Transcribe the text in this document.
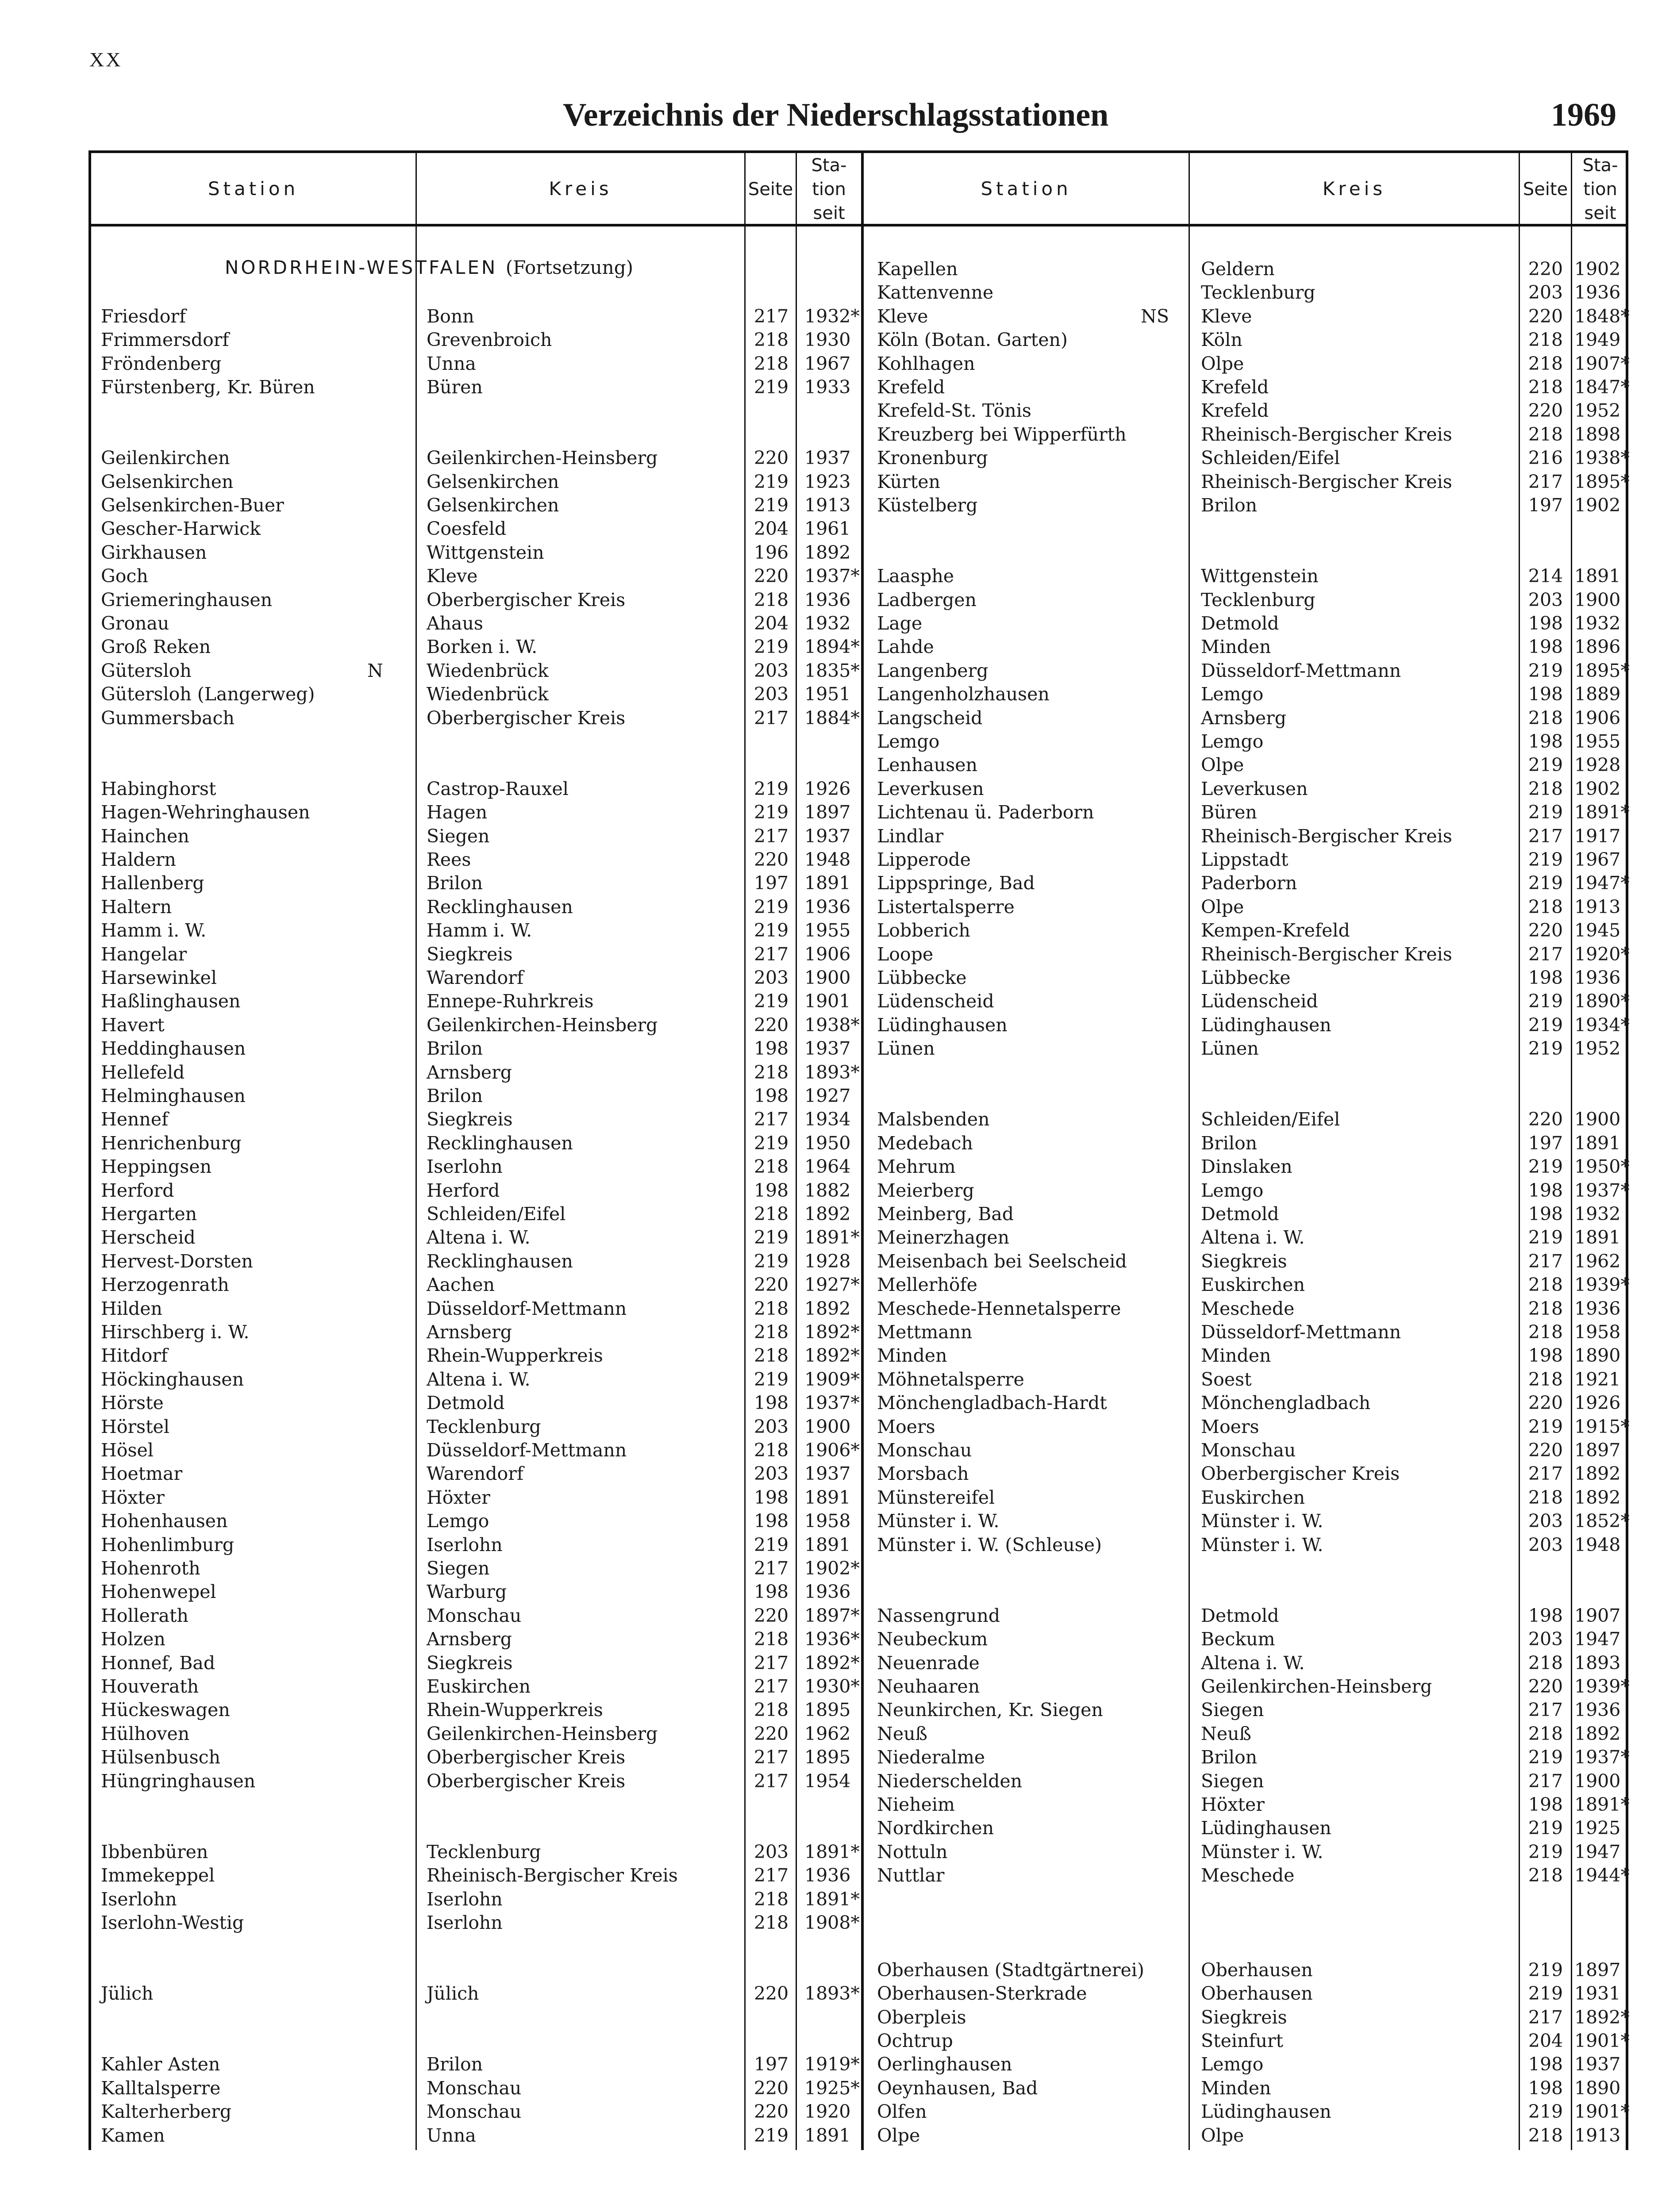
XX
Verzeichnis der Niederschlagsstationen	1969
Station	Kreis	Seite
Sta-
tion
seit
Station	Kreis	Seite
Sta-
tion
seit
NORDRHEIN-WESTFALEN (Fortsetzung)
Friesdorf	Bonn	217 1932*
Frimmersdorf	Grevenbroich	218 1930
Fröndenberg	Unna	218 1967
Fürstenberg, Kr. Büren	Büren	219 1933
Geilenkirchen	Geilenkirchen-Heinsberg	220 1937
Gelsenkirchen	Gelsenkirchen	219 1923
Gelsenkirchen-Buer	Gelsenkirchen	219 1913
Gescher-Harwick	Coesfeld	204 1961
Girkhausen	Wittgenstein	196 1892
Goch	Kleve	220 1937*
Griemeringhausen	Oberbergischer Kreis	218 1936
Gronau	Ahaus	204 1932
Groß Reken	Borken i. W.	219 1894*
Gütersloh	N Wiedenbrück	203 1835*
Gütersloh (Langerweg)	Wiedenbrück	203 1951
Gummersbach	Oberbergischer Kreis	217 1884*
Habinghorst	Castrop-Rauxel	219 1926
Hagen-Wehringhausen	Hagen	219 1897
Hainchen	Siegen	217 1937
Haldern	Rees	220 1948
Hallenberg	Brilon	197 1891
Haltern	Recklinghausen	219 1936
Hamm i. W.	Hamm i. W.	219 1955
Hangelar	Siegkreis	217 1906
Harsewinkel	Warendorf	203 1900
Haßlinghausen	Ennepe-Ruhrkreis	219 1901
Havert	Geilenkirchen-Heinsberg	220 1938*
Heddinghausen	Brilon	198 1937
Hellefeld	Arnsberg	218 1893*
Helminghausen	Brilon	198 1927
Hennef	Siegkreis	217 1934
Henrichenburg	Recklinghausen	219 1950
Heppingsen	Iserlohn	218 1964
Herford	Herford	198 1882
Hergarten	Schleiden/Eifel	218 1892
Herscheid	Altena i. W.	219 1891*
Hervest-Dorsten	Recklinghausen	219 1928
Herzogenrath	Aachen	220 1927*
Hilden	Düsseldorf-Mettmann	218 1892
Hirschberg i. W.	Arnsberg	218 1892*
Hitdorf	Rhein-Wupperkreis	218 1892*
Höckinghausen	Altena i. W.	219 1909*
Hörste	Detmold	198 1937*
Hörstel	Tecklenburg	203 1900
Hösel	Düsseldorf-Mettmann	218 1906*
Hoetmar	Warendorf	203 1937
Höxter	Höxter	198 1891
Hohenhausen	Lemgo	198 1958
Hohenlimburg	Iserlohn	219 1891
Hohenroth	Siegen	217 1902*
Hohenwepel	Warburg	198 1936
Hollerath	Monschau	220 1897*
Holzen	Arnsberg	218 1936*
Honnef, Bad	Siegkreis	217 1892*
Houverath	Euskirchen	217 1930*
Hückeswagen	Rhein-Wupperkreis	218 1895
Hülhoven	Geilenkirchen-Heinsberg	220 1962
Hülsenbusch	Oberbergischer Kreis	217 1895
Hüngringhausen	Oberbergischer Kreis	217 1954
Ibbenbüren	Tecklenburg	203 1891*
Immekeppel	Rheinisch-Bergischer Kreis	217 1936
Iserlohn	Iserlohn	218 1891*
Iserlohn-Westig	Iserlohn	218 1908*
Jülich	Jülich	220 1893*
Kahler Asten	Brilon	197 1919*
Kalltalsperre	Monschau	220 1925*
Kalterherberg	Monschau	220 1920
Kamen	Unna	219 1891
Kapellen	Geldern	220 1902
Kattenvenne	Tecklenburg	203 1936
Kleve	NS Kleve	220 1848*
Köln (Botan. Garten)	Köln	218 1949
Kohlhagen	Olpe	218 1907*
Krefeld	Krefeld	218 1847*
Krefeld-St. Tönis	Krefeld	220 1952
Kreuzberg bei Wipperfürth	Rheinisch-Bergischer Kreis	218 1898
Kronenburg	Schleiden/Eifel	216 1938*
Kürten	Rheinisch-Bergischer Kreis	217 1895*
Küstelberg	Brilon	197 1902
Laasphe	Wittgenstein	214 1891
Ladbergen	Tecklenburg	203 1900
Lage	Detmold	198 1932
Lahde	Minden	198 1896
Langenberg	Düsseldorf-Mettmann	219 1895*
Langenholzhausen	Lemgo	198 1889
Langscheid	Arnsberg	218 1906
Lemgo	Lemgo	198 1955
Lenhausen	Olpe	219 1928
Leverkusen	Leverkusen	218 1902
Lichtenau ü. Paderborn	Büren	219 1891*
Lindlar	Rheinisch-Bergischer Kreis	217 1917
Lipperode	Lippstadt	219 1967
Lippspringe, Bad	Paderborn	219 1947*
Listertalsperre	Olpe	218 1913
Lobberich	Kempen-Krefeld	220 1945
Loope	Rheinisch-Bergischer Kreis	217 1920*
Lübbecke	Lübbecke	198 1936
Lüdenscheid	Lüdenscheid	219 1890*
Lüdinghausen	Lüdinghausen	219 1934*
Lünen	Lünen	219 1952
Malsbenden	Schleiden/Eifel	220 1900
Medebach	Brilon	197 1891
Mehrum	Dinslaken	219 1950*
Meierberg	Lemgo	198 1937*
Meinberg, Bad	Detmold	198 1932
Meinerzhagen	Altena i. W.	219 1891
Meisenbach bei Seelscheid	Siegkreis	217 1962
Mellerhöfe	Euskirchen	218 1939*
Meschede-Hennetalsperre	Meschede	218 1936
Mettmann	Düsseldorf-Mettmann	218 1958
Minden	Minden	198 1890
Möhnetalsperre	Soest	218 1921
Mönchengladbach-Hardt	Mönchengladbach	220 1926
Moers	Moers	219 1915*
Monschau	Monschau	220 1897
Morsbach	Oberbergischer Kreis	217 1892
Münstereifel	Euskirchen	218 1892
Münster i. W.	Münster i. W.	203 1852*
Münster i. W. (Schleuse)	Münster i. W.	203 1948
Nassengrund	Detmold	198 1907
Neubeckum	Beckum	203 1947
Neuenrade	Altena i. W.	218 1893
Neuhaaren	Geilenkirchen-Heinsberg	220 1939*
Neunkirchen, Kr. Siegen	Siegen	217 1936
Neuß	Neuß	218 1892
Niederalme	Brilon	219 1937*
Niederschelden	Siegen	217 1900
Nieheim	Höxter	198 1891*
Nordkirchen	Lüdinghausen	219 1925
Nottuln	Münster i. W.	219 1947
Nuttlar	Meschede	218 1944*
Oberhausen (Stadtgärtnerei)	Oberhausen	219 1897
Oberhausen-Sterkrade	Oberhausen	219 1931
Oberpleis	Siegkreis	217 1892*
Ochtrup	Steinfurt	204 1901*
Oerlinghausen	Lemgo	198 1937
Oeynhausen, Bad	Minden	198 1890
Olfen	Lüdinghausen	219 1901*
Olpe	Olpe	218 1913
